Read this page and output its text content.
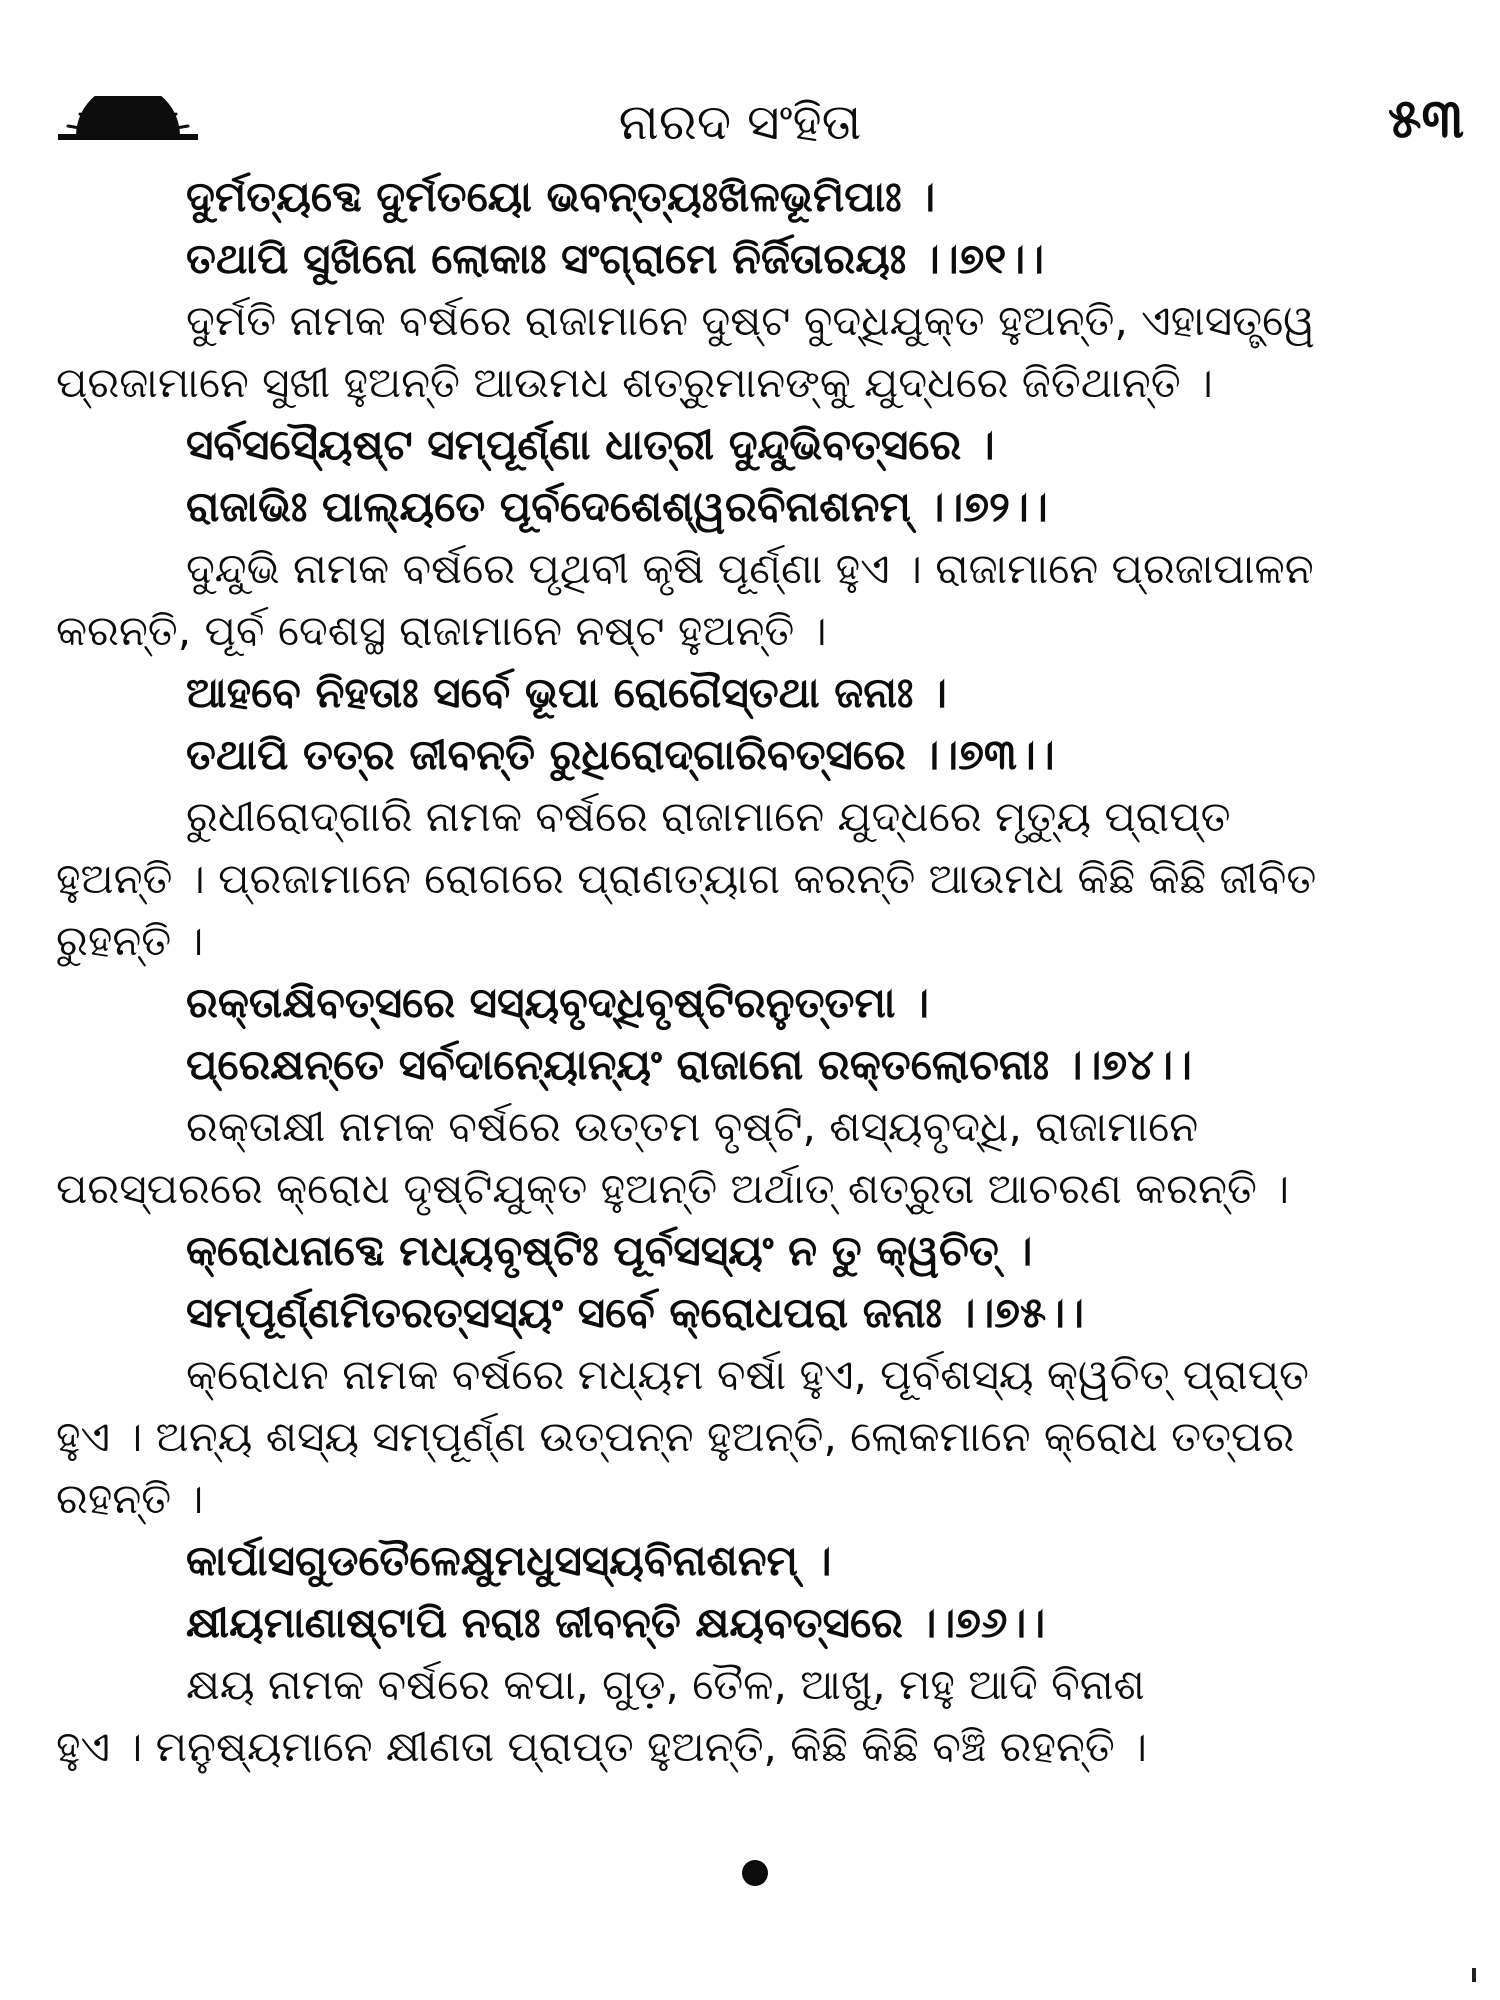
ନାରଦ ସଂହିତା	୫୩
ଦୁର୍ମତ୍ୟବ୍ଦେ ଦୁର୍ମତୟୋ ଭବନ୍ତ୍ୟଃଖିଳଭୂମିପାଃ ।
ତଥାପି ସୁଖିନୋ ଲୋକାଃ ସଂଗ୍ରାମେ ନିର୍ଜିତାରୟଃ ।।୭୧।।
ଦୁର୍ମତି ନାମକ ବର୍ଷରେ ରାଜାମାନେ ଦୁଷ୍ଟ ବୁଦ୍ଧିଯୁକ୍ତ ହୁଅନ୍ତି, ଏହାସତ୍ତ୍ୱେ
ପ୍ରଜାମାନେ ସୁଖୀ ହୁଅନ୍ତି ଆଉମଧ ଶତ୍ରୁମାନଙ୍କୁ ଯୁଦ୍ଧରେ ଜିତିଥାନ୍ତି ।
ସର୍ବସସ୍ୟୈଷ୍ଟ ସମ୍ପୂର୍ଣ୍ଣା ଧାତ୍ରୀ ଦୁନ୍ଦୁଭିବତ୍ସରେ ।
ରାଜାଭିଃ ପାଲ୍ୟତେ ପୂର୍ବଦେଶେଶ୍ୱରବିନାଶନମ୍ ।।୭୨।।
ଦୁନ୍ଦୁଭି ନାମକ ବର୍ଷରେ ପୃଥିବୀ କୃଷି ପୂର୍ଣ୍ଣା ହୁଏ । ରାଜାମାନେ ପ୍ରଜାପାଳନ
କରନ୍ତି, ପୂର୍ବ ଦେଶସ୍ଥ ରାଜାମାନେ ନଷ୍ଟ ହୁଅନ୍ତି ।
ଆହବେ ନିହତାଃ ସର୍ବେ ଭୂପା ରୋଗୈସ୍ତଥା ଜନାଃ ।
ତଥାପି ତତ୍ର ଜୀବନ୍ତି ରୁଧିରୋଦ୍‌ଗାରିବତ୍ସରେ ।।୭୩।।
ରୁଧୀରୋଦ୍‌ଗାରି ନାମକ ବର୍ଷରେ ରାଜାମାନେ ଯୁଦ୍ଧରେ ମୃତ୍ୟୁ ପ୍ରାପ୍ତ
ହୁଅନ୍ତି । ପ୍ରଜାମାନେ ରୋଗରେ ପ୍ରାଣତ୍ୟାଗ କରନ୍ତି ଆଉମଧ କିଛି କିଛି ଜୀବିତ
ରୁହନ୍ତି ।
ରକ୍ତାକ୍ଷିବତ୍ସରେ ସସ୍ୟବୃଦ୍ଧିବୃଷ୍ଟିରନୁତ୍ତମା ।
ପ୍ରେକ୍ଷନ୍ତେ ସର୍ବଦାନ୍ୟୋନ୍ୟଂ ରାଜାନୋ ରକ୍ତଲୋଚନାଃ ।।୭୪।।
ରକ୍ତାକ୍ଷୀ ନାମକ ବର୍ଷରେ ଉତ୍ତମ ବୃଷ୍ଟି, ଶସ୍ୟବୃଦ୍ଧି, ରାଜାମାନେ
ପରସ୍ପରରେ କ୍ରୋଧ ଦୃଷ୍ଟିଯୁକ୍ତ ହୁଅନ୍ତି ଅର୍ଥାତ୍ ଶତ୍ରୁତା ଆଚରଣ କରନ୍ତି ।
କ୍ରୋଧନାବ୍ଦେ ମଧ୍ୟବୃଷ୍ଟିଃ ପୂର୍ବସସ୍ୟଂ ନ ତୁ କ୍ୱଚିତ୍ ।
ସମ୍ପୂର୍ଣ୍ଣମିତରତ୍ସସ୍ୟଂ ସର୍ବେ କ୍ରୋଧପରା ଜନାଃ ।।୭୫।।
କ୍ରୋଧନ ନାମକ ବର୍ଷରେ ମଧ୍ୟମ ବର୍ଷା ହୁଏ, ପୂର୍ବଶସ୍ୟ କ୍ୱଚିତ୍ ପ୍ରାପ୍ତ
ହୁଏ । ଅନ୍ୟ ଶସ୍ୟ ସମ୍ପୂର୍ଣ୍ଣ ଉତ୍ପନ୍ନ ହୁଅନ୍ତି, ଲୋକମାନେ କ୍ରୋଧ ତତ୍ପର
ରହନ୍ତି ।
କାର୍ପାସଗୁଡତୈଳେକ୍ଷୁମଧୁସସ୍ୟବିନାଶନମ୍ ।
କ୍ଷୀୟମାଣାଷ୍ଟାପି ନରାଃ ଜୀବନ୍ତି କ୍ଷୟବତ୍ସରେ ।।୭୬।।
କ୍ଷୟ ନାମକ ବର୍ଷରେ କପା, ଗୁଡ଼, ତୈଳ, ଆଖୁ, ମହୁ ଆଦି ବିନାଶ
ହୁଏ । ମନୁଷ୍ୟମାନେ କ୍ଷୀଣତା ପ୍ରାପ୍ତ ହୁଅନ୍ତି, କିଛି କିଛି ବଞ୍ଚି ରହନ୍ତି ।
